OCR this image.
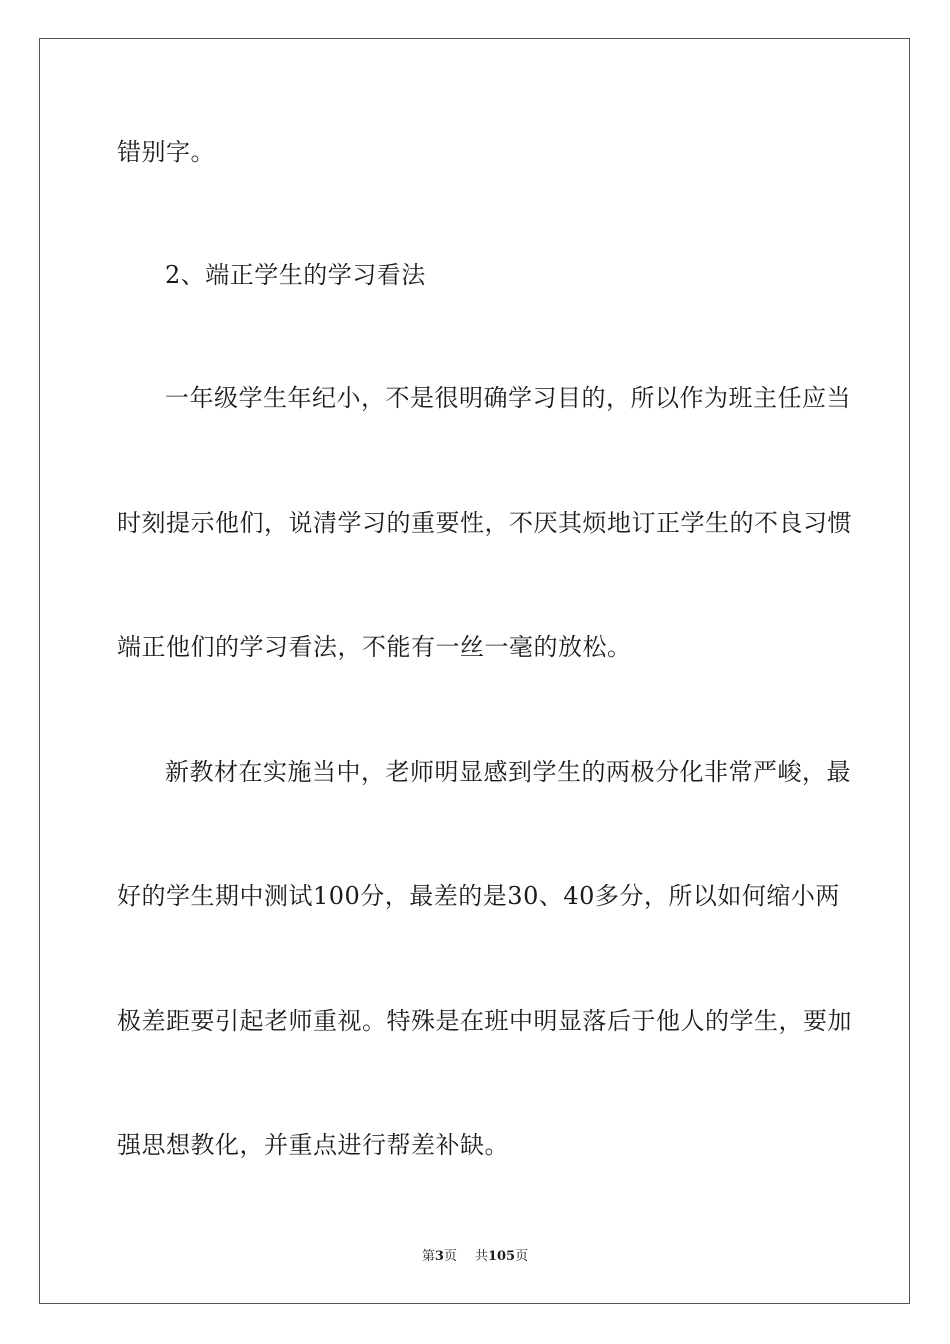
错别字。
2、端正学生的学习看法
一年级学生年纪小，不是很明确学习目的，所以作为班主任应当
时刻提示他们，说清学习的重要性，不厌其烦地订正学生的不良习惯
端正他们的学习看法，不能有一丝一毫的放松。
新教材在实施当中，老师明显感到学生的两极分化非常严峻，最
好的学生期中测试100分，最差的是30、40多分，所以如何缩小两
极差距要引起老师重视。特殊是在班中明显落后于他人的学生，要加
强思想教化，并重点进行帮差补缺。
第3页 共105页
